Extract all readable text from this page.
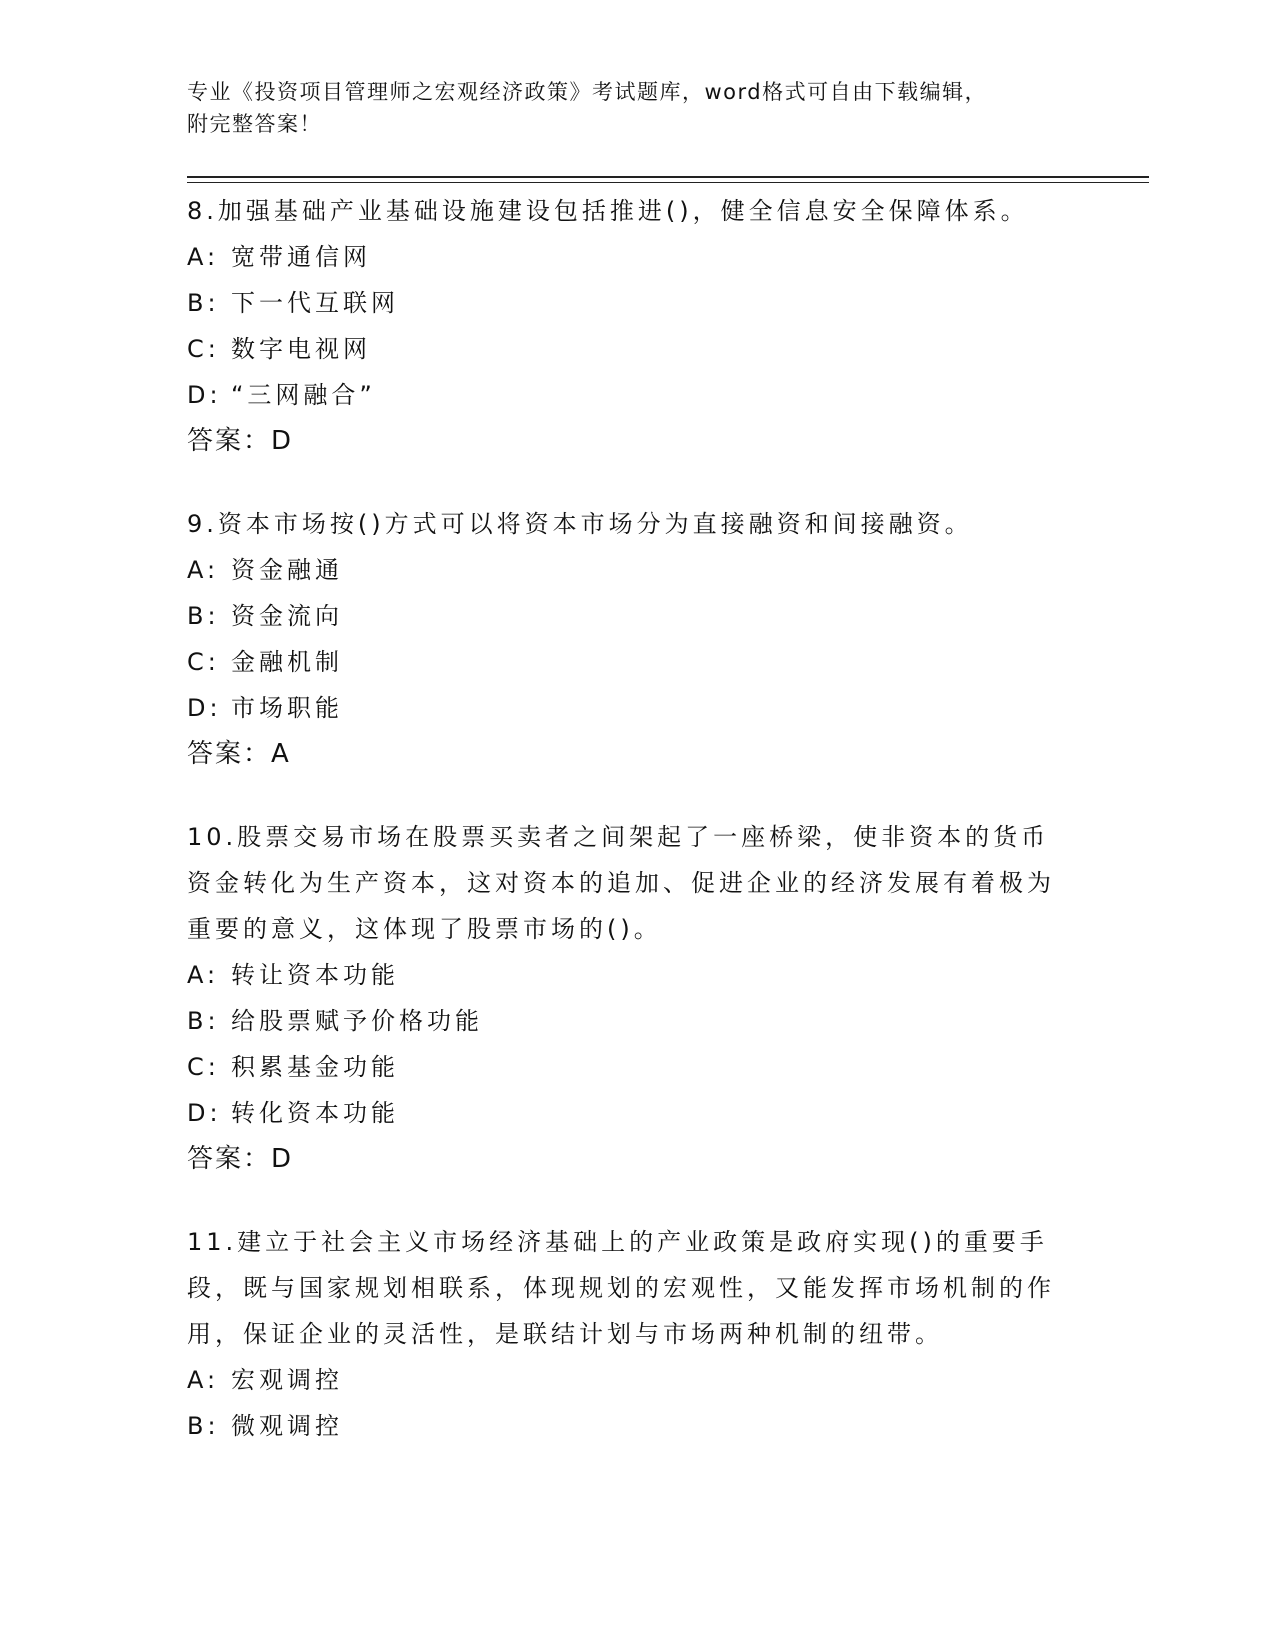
专业《投资项目管理师之宏观经济政策》考试题库，word格式可自由下载编辑，
附完整答案！
8.加强基础产业基础设施建设包括推进()，健全信息安全保障体系。
A: 宽带通信网
B: 下一代互联网
C: 数字电视网
D: “三网融合”
答案：D
9.资本市场按()方式可以将资本市场分为直接融资和间接融资。
A: 资金融通
B: 资金流向
C: 金融机制
D: 市场职能
答案：A
10.股票交易市场在股票买卖者之间架起了一座桥梁，使非资本的货币资金转化为生产资本，这对资本的追加、促进企业的经济发展有着极为重要的意义，这体现了股票市场的()。
A: 转让资本功能
B: 给股票赋予价格功能
C: 积累基金功能
D: 转化资本功能
答案：D
11.建立于社会主义市场经济基础上的产业政策是政府实现()的重要手段，既与国家规划相联系，体现规划的宏观性，又能发挥市场机制的作用，保证企业的灵活性，是联结计划与市场两种机制的纽带。
A: 宏观调控
B: 微观调控
